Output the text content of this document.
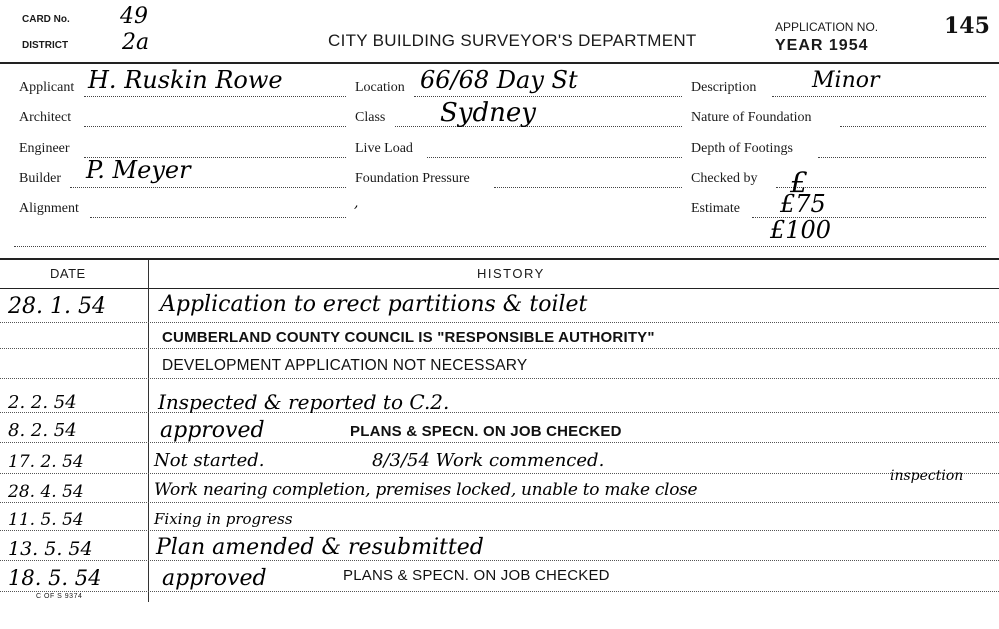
CARD No. 49
DISTRICT 2a	CITY BUILDING SURVEYOR'S DEPARTMENT
APPLICATION NO.	145
YEAR 1954
Applicant H. Ruskin Rowe
Architect
Engineer
Builder P. Meyer
Alignment
Location 66/68 Day St
Class Sydney
Live Load
Foundation Pressure
,
Description	Minor
Nature of Foundation
Depth of Footings
Checked by £
Estimate £75
£100
DATE	HISTORY
28. 1. 54 Application to erect partitions & toilet
CUMBERLAND COUNTY COUNCIL IS "RESPONSIBLE AUTHORITY"
DEVELOPMENT APPLICATION NOT NECESSARY
2. 2. 54	Inspected & reported to C.2.
8. 2. 54	approved	PLANS & SPECN. ON JOB CHECKED
17. 2. 54	Not started.	8/3/54 Work commenced.
28. 4. 54	Work nearing completion, premises locked, unable to make close
inspection
11. 5. 54	Fixing in progress
13. 5. 54	Plan amended & resubmitted
18. 5. 54	approved	PLANS & SPECN. ON JOB CHECKED
C OF S 9374
